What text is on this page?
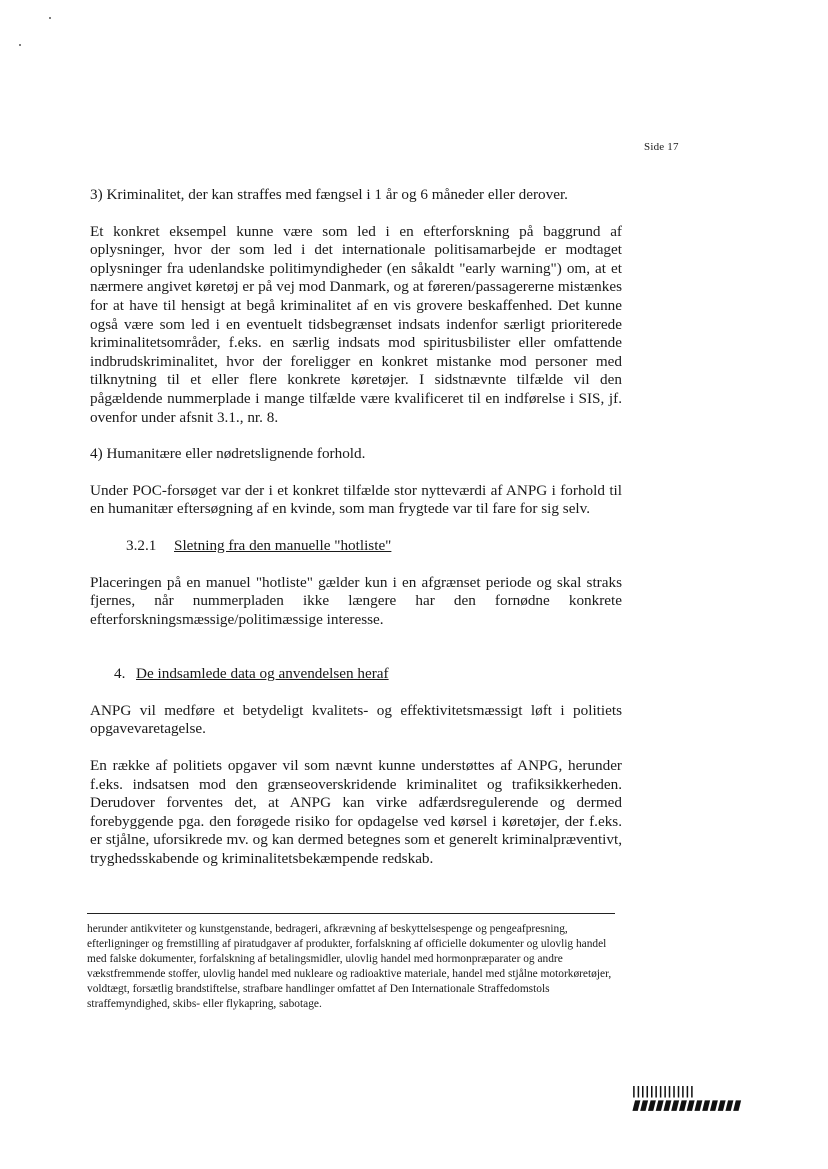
Side 17

3) Kriminalitet, der kan straffes med fængsel i 1 år og 6 måneder eller derover.

Et konkret eksempel kunne være som led i en efterforskning på baggrund af oplysninger, hvor der som led i det internationale politisamarbejde er modtaget oplysninger fra udenlandske politimyndigheder (en såkaldt "early warning") om, at et nærmere angivet køretøj er på vej mod Danmark, og at føreren/passagererne mistænkes for at have til hensigt at begå kriminalitet af en vis grovere beskaffenhed. Det kunne også være som led i en eventuelt tidsbegrænset indsats indenfor særligt prioriterede kriminalitetsområder, f.eks. en særlig indsats mod spiritusbilister eller omfattende indbrudskriminalitet, hvor der foreligger en konkret mistanke mod personer med tilknytning til et eller flere konkrete køretøjer. I sidstnævnte tilfælde vil den pågældende nummerplade i mange tilfælde være kvalificeret til en indførelse i SIS, jf. ovenfor under afsnit 3.1., nr. 8.

4) Humanitære eller nødretslignende forhold.

Under POC-forsøget var der i et konkret tilfælde stor nytteværdi af ANPG i forhold til en humanitær eftersøgning af en kvinde, som man frygtede var til fare for sig selv.

3.2.1 Sletning fra den manuelle "hotliste"

Placeringen på en manuel "hotliste" gælder kun i en afgrænset periode og skal straks fjernes, når nummerpladen ikke længere har den fornødne konkrete efterforskningsmæssige/politimæssige interesse.

4. De indsamlede data og anvendelsen heraf

ANPG vil medføre et betydeligt kvalitets- og effektivitetsmæssigt løft i politiets opgavevaretagelse.

En række af politiets opgaver vil som nævnt kunne understøttes af ANPG, herunder f.eks. indsatsen mod den grænseoverskridende kriminalitet og trafiksikkerheden. Derudover forventes det, at ANPG kan virke adfærdsregulerende og dermed forebyggende pga. den forøgede risiko for opdagelse ved kørsel i køretøjer, der f.eks. er stjålne, uforsikrede mv. og kan dermed betegnes som et generelt kriminalpræventivt, tryghedsskabende og kriminalitetsbekæmpende redskab.

herunder antikviteter og kunstgenstande, bedrageri, afkrævning af beskyttelsespenge og pengeafpresning, efterligninger og fremstilling af piratudgaver af produkter, forfalskning af officielle dokumenter og ulovlig handel med falske dokumenter, forfalskning af betalingsmidler, ulovlig handel med hormonpræparater og andre vækstfremmende stoffer, ulovlig handel med nukleare og radioaktive materiale, handel med stjålne motorkøretøjer, voldtægt, forsætlig brandstiftelse, strafbare handlinger omfattet af Den Internationale Straffedomstols straffemyndighed, skibs- eller flykapring, sabotage.
||||||||||||||
▮▮▮▮▮▮▮▮▮▮▮▮▮▮
